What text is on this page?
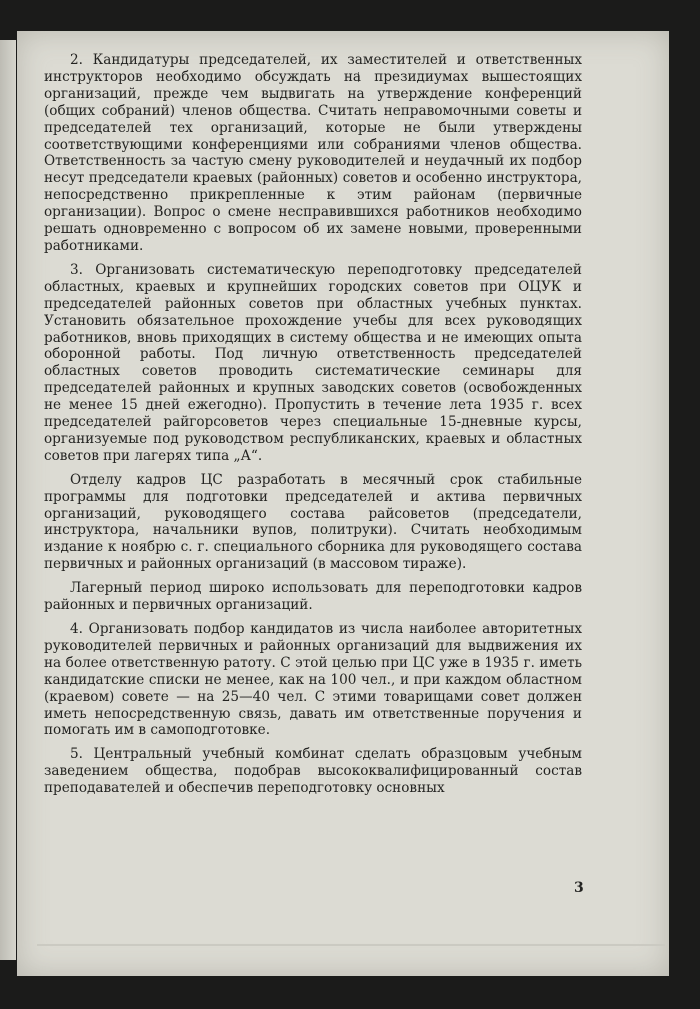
2. Кандидатуры председателей, их заместителей и ответственных инструкторов необходимо обсуждать на президиумах вышестоящих организаций, прежде чем выдвигать на утверждение конференций (общих собраний) членов общества. Считать неправомочными советы и председателей тех организаций, которые не были утверждены соответствующими конференциями или собраниями членов общества. Ответственность за частую смену руководителей и неудачный их подбор несут председатели краевых (районных) советов и особенно инструктора, непосредственно прикрепленные к этим районам (первичные организации). Вопрос о смене несправившихся работников необходимо решать одновременно с вопросом об их замене новыми, проверенными работниками.

3. Организовать систематическую переподготовку председателей областных, краевых и крупнейших городских советов при ОЦУК и председателей районных советов при областных учебных пунктах. Установить обязательное прохождение учебы для всех руководящих работников, вновь приходящих в систему общества и не имеющих опыта оборонной работы. Под личную ответственность председателей областных советов проводить систематические семинары для председателей районных и крупных заводских советов (освобожденных не менее 15 дней ежегодно). Пропустить в течение лета 1935 г. всех председателей райгорсоветов через специальные 15-дневные курсы, организуемые под руководством республиканских, краевых и областных советов при лагерях типа „А“.

Отделу кадров ЦС разработать в месячный срок стабильные программы для подготовки председателей и актива первичных организаций, руководящего состава райсоветов (председатели, инструктора, начальники вупов, политруки). Считать необходимым издание к ноябрю с. г. специального сборника для руководящего состава первичных и районных организаций (в массовом тираже).

Лагерный период широко использовать для переподготовки кадров районных и первичных организаций.

4. Организовать подбор кандидатов из числа наиболее авторитетных руководителей первичных и районных организаций для выдвижения их на более ответственную ратоту. С этой целью при ЦС уже в 1935 г. иметь кандидатские списки не менее, как на 100 чел., и при каждом областном (краевом) совете — на 25—40 чел. С этими товарищами совет должен иметь непосредственную связь, давать им ответственные поручения и помогать им в самоподготовке.

5. Центральный учебный комбинат сделать образцовым учебным заведением общества, подобрав высококвалифицированный состав преподавателей и обеспечив переподготовку основных

3
